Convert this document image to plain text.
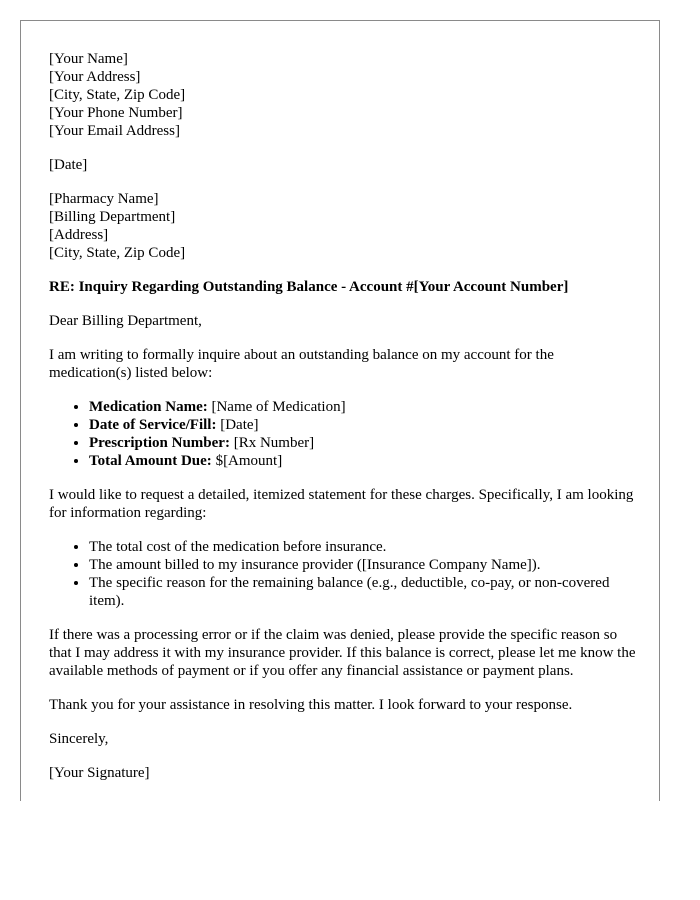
[Your Name]
[Your Address]
[City, State, Zip Code]
[Your Phone Number]
[Your Email Address]

[Date]

[Pharmacy Name]
[Billing Department]
[Address]
[City, State, Zip Code]

RE: Inquiry Regarding Outstanding Balance - Account #[Your Account Number]

Dear Billing Department,

I am writing to formally inquire about an outstanding balance on my account for the medication(s) listed below:

• Medication Name: [Name of Medication]
• Date of Service/Fill: [Date]
• Prescription Number: [Rx Number]
• Total Amount Due: $[Amount]

I would like to request a detailed, itemized statement for these charges. Specifically, I am looking for information regarding:

• The total cost of the medication before insurance.
• The amount billed to my insurance provider ([Insurance Company Name]).
• The specific reason for the remaining balance (e.g., deductible, co-pay, or non-covered item).

If there was a processing error or if the claim was denied, please provide the specific reason so that I may address it with my insurance provider. If this balance is correct, please let me know the available methods of payment or if you offer any financial assistance or payment plans.

Thank you for your assistance in resolving this matter. I look forward to your response.

Sincerely,

[Your Signature]
